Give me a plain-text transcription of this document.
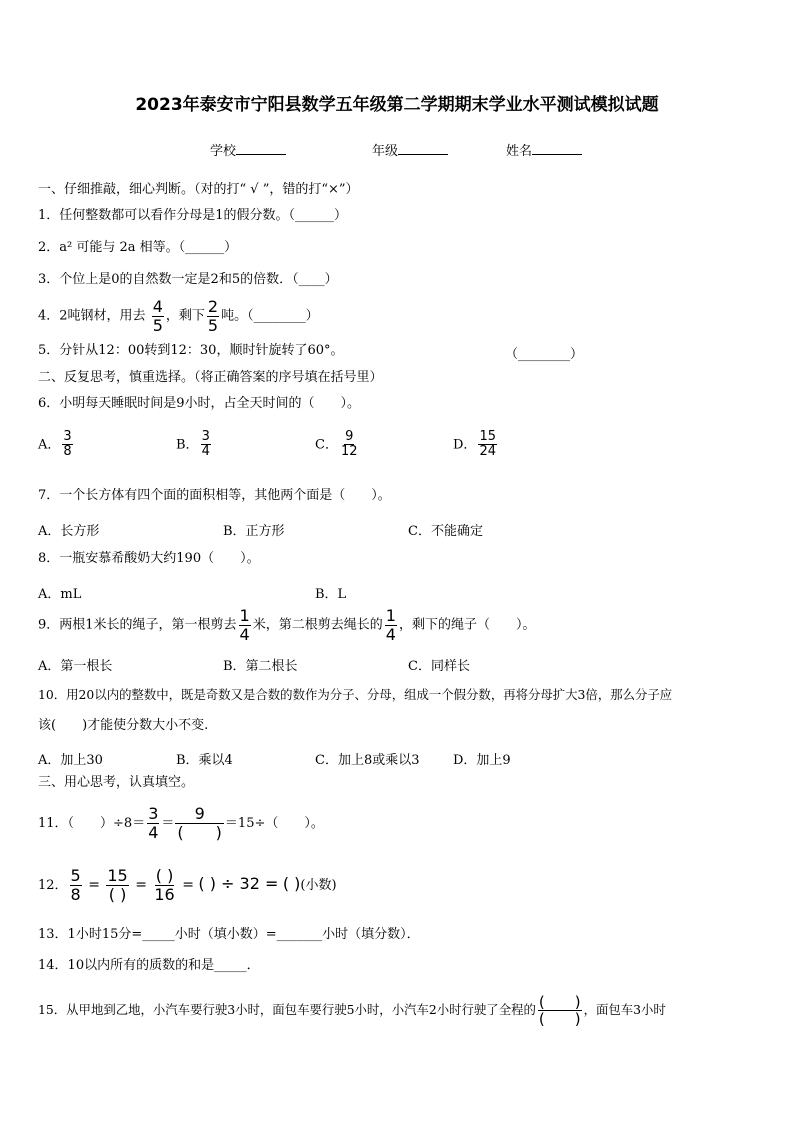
2023年泰安市宁阳县数学五年级第二学期期末学业水平测试模拟试题
学校	年级	姓名
一、仔细推敲，细心判断。（对的打“ √ ”，错的打“×”）
1．任何整数都可以看作分母是1的假分数。（______）
2．a² 可能与 2a 相等。（______）
3．个位上是0的自然数一定是2和5的倍数．（____）
4．2吨钢材，用去 $\frac{4}{5}$ ，剩下 $\frac{2}{5}$ 吨。（________）
5．分针从12：00转到12：30，顺时针旋转了60°。	（________）
二、反复思考，慎重选择。（将正确答案的序号填在括号里）
6．小明每天睡眠时间是9小时，占全天时间的（　　）。
A． $\frac{3}{8}$	B． $\frac{3}{4}$	C． $\frac{9}{12}$	D． $\frac{15}{24}$
7．一个长方体有四个面的面积相等，其他两个面是（　　）。
A．长方形	B．正方形	C．不能确定
8．一瓶安慕希酸奶大约190（　　）。
A．mL	B．L
9．两根1米长的绳子，第一根剪去 $\frac{1}{4}$ 米，第二根剪去绳长的 $\frac{1}{4}$ ，剩下的绳子（　　）。
A．第一根长	B．第二根长	C．同样长
10．用20以内的整数中，既是奇数又是合数的数作为分子、分母，组成一个假分数，再将分母扩大3倍，那么分子应
该(　　)才能使分数大小不变.
A．加上30	B．乘以4	C．加上8或乘以3	D．加上9
三、用心思考，认真填空。
11．（　　）$\div 8= \frac{3}{4} = \frac{9}{( )} =15\div$（　　）。
12． $\frac{5}{8} = \frac{15}{( )} = \frac{( )}{16}$ = ( ) ÷ 32 = ( )(小数)
13．1小时15分=_____小时（填小数）=_______小时（填分数）．
14．10以内所有的质数的和是_____．
15．从甲地到乙地，小汽车要行驶3小时，面包车要行驶5小时，小汽车2小时行驶了全程的 $\frac{( )}{( )}$ ，面包车3小时
